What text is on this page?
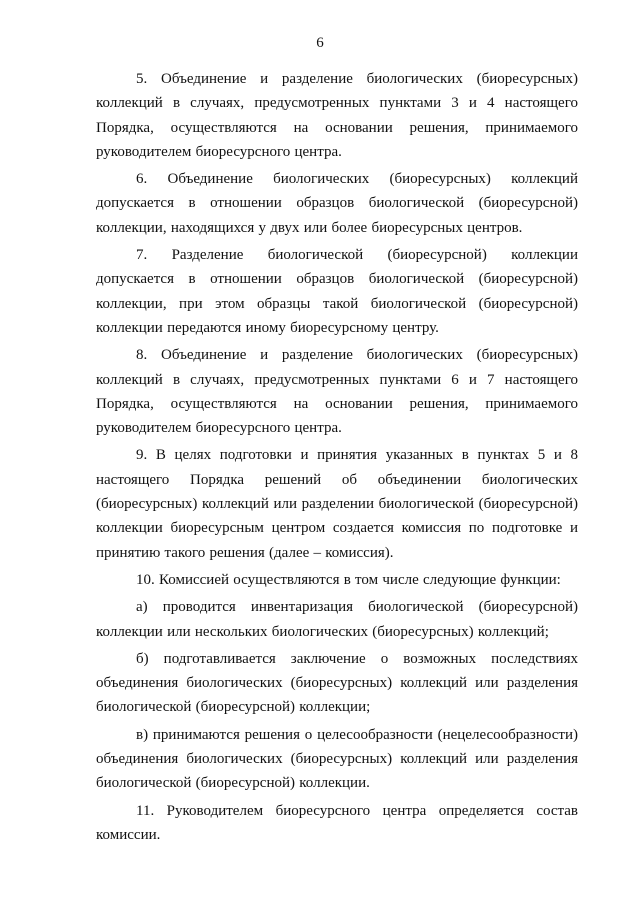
6

5. Объединение и разделение биологических (биоресурсных) коллекций в случаях, предусмотренных пунктами 3 и 4 настоящего Порядка, осуществляются на основании решения, принимаемого руководителем биоресурсного центра.

6. Объединение биологических (биоресурсных) коллекций допускается в отношении образцов биологической (биоресурсной) коллекции, находящихся у двух или более биоресурсных центров.

7. Разделение биологической (биоресурсной) коллекции допускается в отношении образцов биологической (биоресурсной) коллекции, при этом образцы такой биологической (биоресурсной) коллекции передаются иному биоресурсному центру.

8. Объединение и разделение биологических (биоресурсных) коллекций в случаях, предусмотренных пунктами 6 и 7 настоящего Порядка, осуществляются на основании решения, принимаемого руководителем биоресурсного центра.

9. В целях подготовки и принятия указанных в пунктах 5 и 8 настоящего Порядка решений об объединении биологических (биоресурсных) коллекций или разделении биологической (биоресурсной) коллекции биоресурсным центром создается комиссия по подготовке и принятию такого решения (далее – комиссия).

10. Комиссией осуществляются в том числе следующие функции:

а) проводится инвентаризация биологической (биоресурсной) коллекции или нескольких биологических (биоресурсных) коллекций;

б) подготавливается заключение о возможных последствиях объединения биологических (биоресурсных) коллекций или разделения биологической (биоресурсной) коллекции;

в) принимаются решения о целесообразности (нецелесообразности) объединения биологических (биоресурсных) коллекций или разделения биологической (биоресурсной) коллекции.

11. Руководителем биоресурсного центра определяется состав комиссии.
